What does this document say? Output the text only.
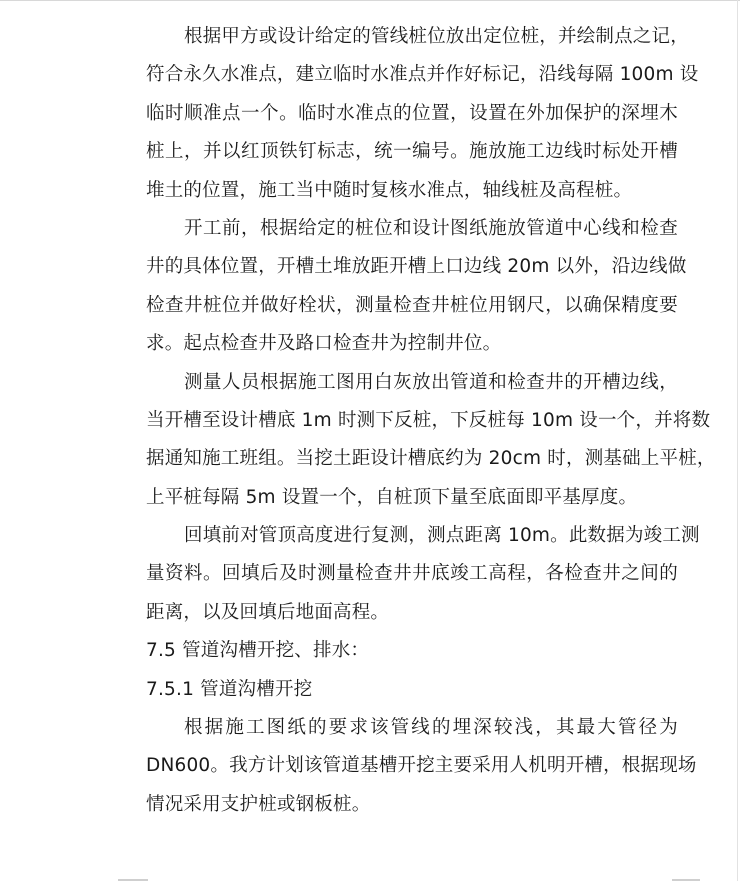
根据甲方或设计给定的管线桩位放出定位桩，并绘制点之记，
符合永久水准点，建立临时水准点并作好标记，沿线每隔 100m 设
临时顺准点一个。临时水准点的位置，设置在外加保护的深埋木
桩上，并以红顶铁钉标志，统一编号。施放施工边线时标处开槽
堆土的位置，施工当中随时复核水准点，轴线桩及高程桩。
开工前，根据给定的桩位和设计图纸施放管道中心线和检查
井的具体位置，开槽土堆放距开槽上口边线 20m 以外，沿边线做
检查井桩位并做好栓状，测量检查井桩位用钢尺，以确保精度要
求。起点检查井及路口检查井为控制井位。
测量人员根据施工图用白灰放出管道和检查井的开槽边线，
当开槽至设计槽底 1m 时测下反桩，下反桩每 10m 设一个，并将数
据通知施工班组。当挖土距设计槽底约为 20cm 时，测基础上平桩，
上平桩每隔 5m 设置一个，自桩顶下量至底面即平基厚度。
回填前对管顶高度进行复测，测点距离 10m。此数据为竣工测
量资料。回填后及时测量检查井井底竣工高程，各检查井之间的
距离，以及回填后地面高程。
7.5 管道沟槽开挖、排水：
7.5.1 管道沟槽开挖
根据施工图纸的要求该管线的埋深较浅，其最大管径为
DN600。我方计划该管道基槽开挖主要采用人机明开槽，根据现场
情况采用支护桩或钢板桩。
